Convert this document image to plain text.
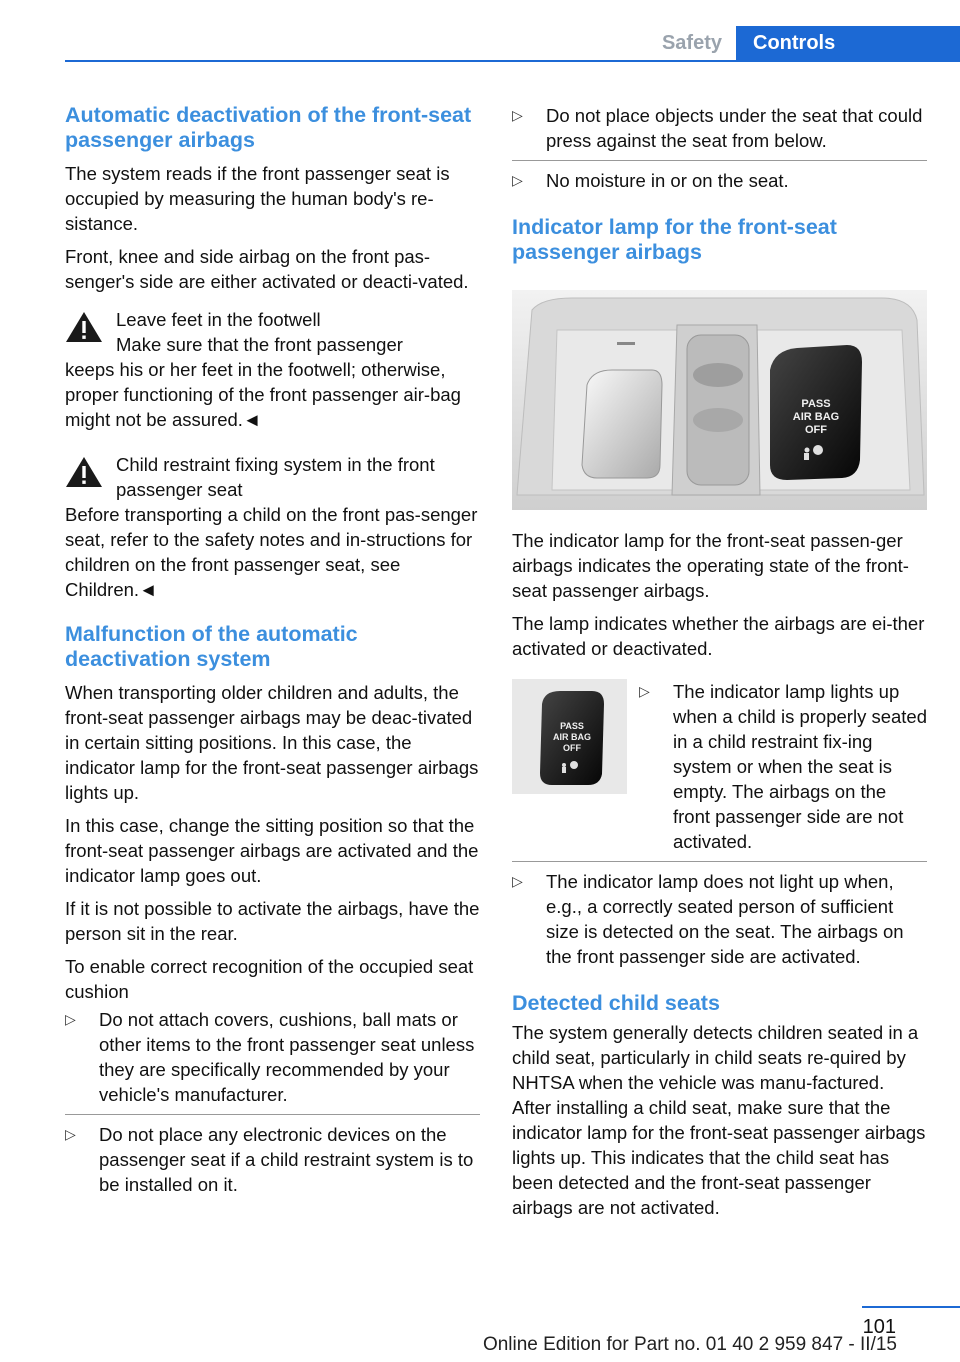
Safety	Controls
Automatic deactivation of the front‐seat passenger airbags

The system reads if the front passenger seat is occupied by measuring the human body's re‐sistance.

Front, knee and side airbag on the front pas‐senger's side are either activated or deacti‐vated.

Leave feet in the footwell
Make sure that the front passenger

keeps his or her feet in the footwell; otherwise, proper functioning of the front passenger air‐bag might not be assured.◄

Child restraint fixing system in the front passenger seat

Before transporting a child on the front pas‐senger seat, refer to the safety notes and in‐structions for children on the front passenger seat, see Children.◄

Malfunction of the automatic deactivation system

When transporting older children and adults, the front-seat passenger airbags may be deac‐tivated in certain sitting positions. In this case, the indicator lamp for the front-seat passenger airbags lights up.

In this case, change the sitting position so that the front-seat passenger airbags are activated and the indicator lamp goes out.

If it is not possible to activate the airbags, have the person sit in the rear.

To enable correct recognition of the occupied seat cushion

▷	Do not attach covers, cushions, ball mats or other items to the front passenger seat unless they are specifically recommended by your vehicle's manufacturer.
▷	Do not place any electronic devices on the passenger seat if a child restraint system is to be installed on it.
▷	Do not place objects under the seat that could press against the seat from below.
▷	No moisture in or on the seat.
Indicator lamp for the front-seat passenger airbags
PASS
AIR BAG
OFF

The indicator lamp for the front-seat passen‐ger airbags indicates the operating state of the front-seat passenger airbags.

The lamp indicates whether the airbags are ei‐ther activated or deactivated.

PASS
AIR BAG
OFF
▷	The indicator lamp lights up when a child is properly seated in a child restraint fix‐ing system or when the seat is empty. The airbags on the front passenger side are not activated.
▷	The indicator lamp does not light up when, e.g., a correctly seated person of sufficient size is detected on the seat. The airbags on the front passenger side are activated.
Detected child seats

The system generally detects children seated in a child seat, particularly in child seats re‐quired by NHTSA when the vehicle was manu‐factured. After installing a child seat, make sure that the indicator lamp for the front-seat passenger airbags lights up. This indicates that the child seat has been detected and the front-seat passenger airbags are not activated.

101
Online Edition for Part no. 01 40 2 959 847 - II/15
